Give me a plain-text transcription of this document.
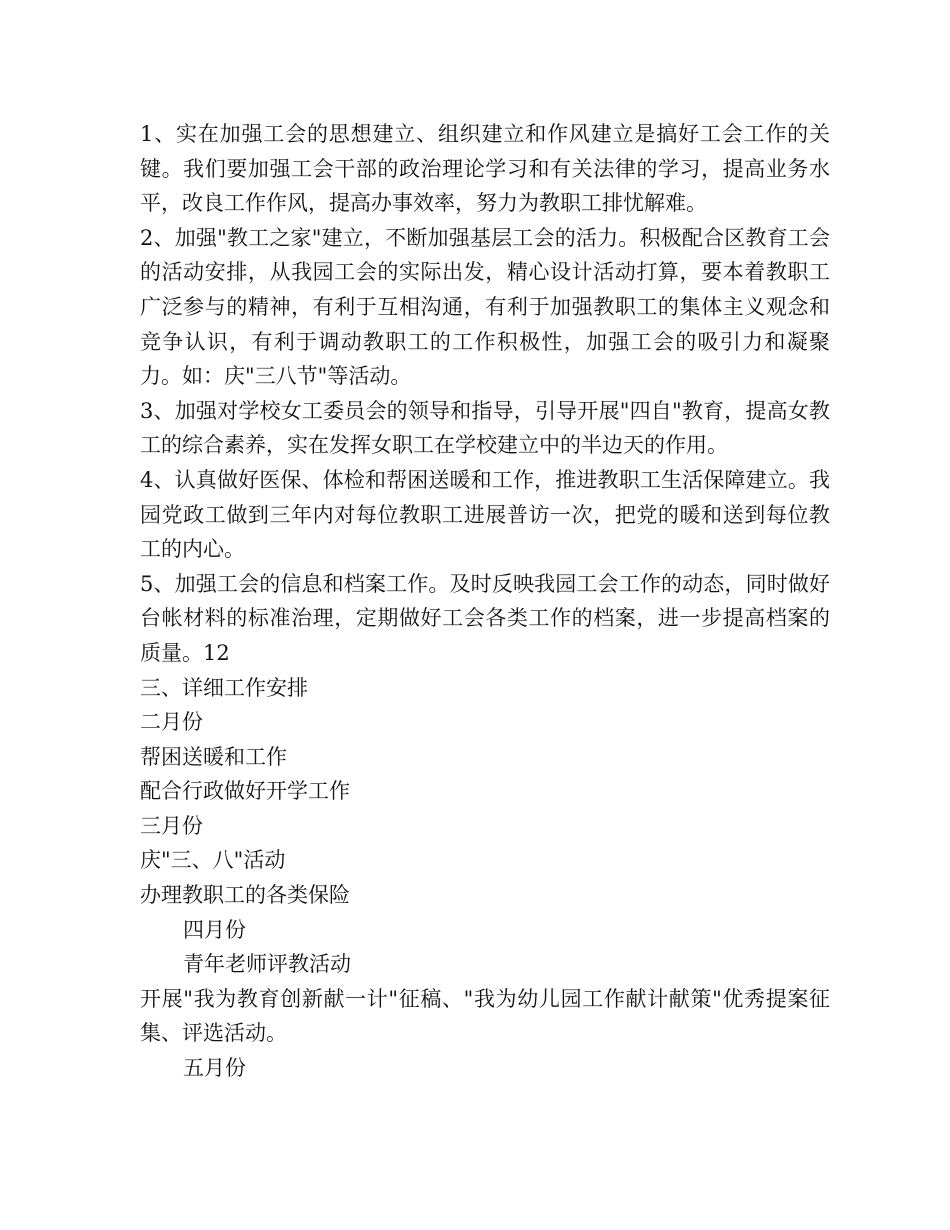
1、实在加强工会的思想建立、组织建立和作风建立是搞好工会工作的关键。我们要加强工会干部的政治理论学习和有关法律的学习，提高业务水平，改良工作作风，提高办事效率，努力为教职工排忧解难。

2、加强"教工之家"建立，不断加强基层工会的活力。积极配合区教育工会的活动安排，从我园工会的实际出发，精心设计活动打算，要本着教职工广泛参与的精神，有利于互相沟通，有利于加强教职工的集体主义观念和竞争认识，有利于调动教职工的工作积极性，加强工会的吸引力和凝聚力。如：庆"三八节"等活动。

3、加强对学校女工委员会的领导和指导，引导开展"四自"教育，提高女教工的综合素养，实在发挥女职工在学校建立中的半边天的作用。

4、认真做好医保、体检和帮困送暖和工作，推进教职工生活保障建立。我园党政工做到三年内对每位教职工进展普访一次，把党的暖和送到每位教工的内心。

5、加强工会的信息和档案工作。及时反映我园工会工作的动态，同时做好台帐材料的标准治理，定期做好工会各类工作的档案，进一步提高档案的质量。12

三、详细工作安排

二月份

帮困送暖和工作

配合行政做好开学工作

三月份

庆"三、八"活动

办理教职工的各类保险

四月份

青年老师评教活动

开展"我为教育创新献一计"征稿、"我为幼儿园工作献计献策"优秀提案征集、评选活动。

五月份
